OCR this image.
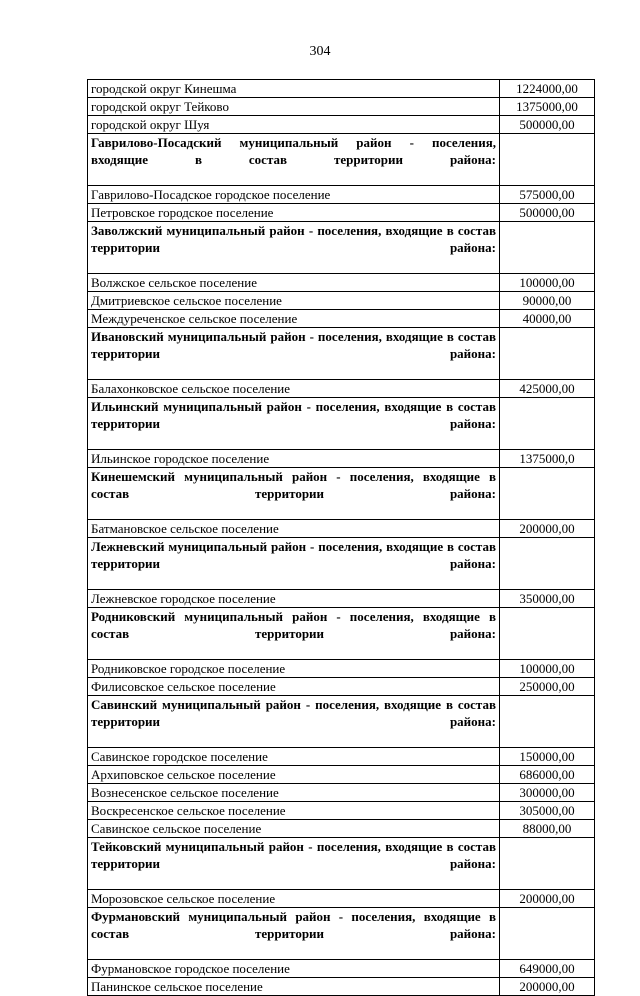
304
городской округ Кинешма	1224000,00
городской округ Тейково	1375000,00
городской округ Шуя	500000,00
Гаврилово-Посадский муниципальный район - поселения, входящие в состав территории района:	
Гаврилово-Посадское городское поселение	575000,00
Петровское городское поселение	500000,00
Заволжский муниципальный район - поселения, входящие в состав территории района:	
Волжское сельское поселение	100000,00
Дмитриевское сельское поселение	90000,00
Междуреченское сельское поселение	40000,00
Ивановский муниципальный район - поселения, входящие в состав территории района:	
Балахонковское сельское поселение	425000,00
Ильинский муниципальный район - поселения, входящие в состав территории района:	
Ильинское городское поселение	1375000,0
Кинешемский муниципальный район - поселения, входящие в состав территории района:	
Батмановское сельское поселение	200000,00
Лежневский муниципальный район - поселения, входящие в состав территории района:	
Лежневское городское поселение	350000,00
Родниковский муниципальный район - поселения, входящие в состав территории района:	
Родниковское городское поселение	100000,00
Филисовское сельское поселение	250000,00
Савинский муниципальный район - поселения, входящие в состав территории района:	
Савинское городское поселение	150000,00
Архиповское сельское поселение	686000,00
Вознесенское сельское поселение	300000,00
Воскресенское сельское поселение	305000,00
Савинское сельское поселение	88000,00
Тейковский муниципальный район - поселения, входящие в состав территории района:	
Морозовское сельское поселение	200000,00
Фурмановский муниципальный район - поселения, входящие в состав территории района:	
Фурмановское городское поселение	649000,00
Панинское сельское поселение	200000,00
